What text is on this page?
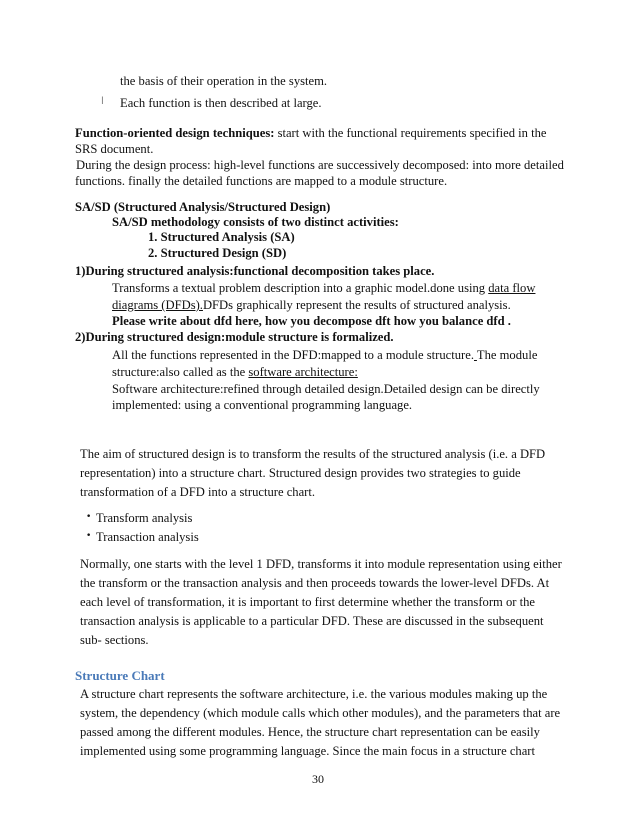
the basis of their operation in the system.
l Each function is then described at large.
Function-oriented design techniques: start with the functional requirements specified in the
SRS document.
During the design process: high-level functions are successively decomposed: into more detailed
functions. finally the detailed functions are mapped to a module structure.
SA/SD (Structured Analysis/Structured Design)
SA/SD methodology consists of two distinct activities:
1. Structured Analysis (SA)
2. Structured Design (SD)
1)During structured analysis:functional decomposition takes place.
Transforms a textual problem description into a graphic model.done using data flow
diagrams (DFDs).DFDs graphically represent the results of structured analysis.
Please write about dfd here, how you decompose dft how you balance dfd .
2)During structured design:module structure is formalized.
All the functions represented in the DFD:mapped to a module structure. The module
structure:also called as the software architecture:
Software architecture:refined through detailed design.Detailed design can be directly
implemented: using a conventional programming language.
The aim of structured design is to transform the results of the structured analysis (i.e. a DFD
representation) into a structure chart. Structured design provides two strategies to guide
transformation of a DFD into a structure chart.
• Transform analysis
• Transaction analysis
Normally, one starts with the level 1 DFD, transforms it into module representation using either
the transform or the transaction analysis and then proceeds towards the lower-level DFDs. At
each level of transformation, it is important to first determine whether the transform or the
transaction analysis is applicable to a particular DFD. These are discussed in the subsequent
sub- sections.
Structure Chart
A structure chart represents the software architecture, i.e. the various modules making up the
system, the dependency (which module calls which other modules), and the parameters that are
passed among the different modules. Hence, the structure chart representation can be easily
implemented using some programming language. Since the main focus in a structure chart
30
